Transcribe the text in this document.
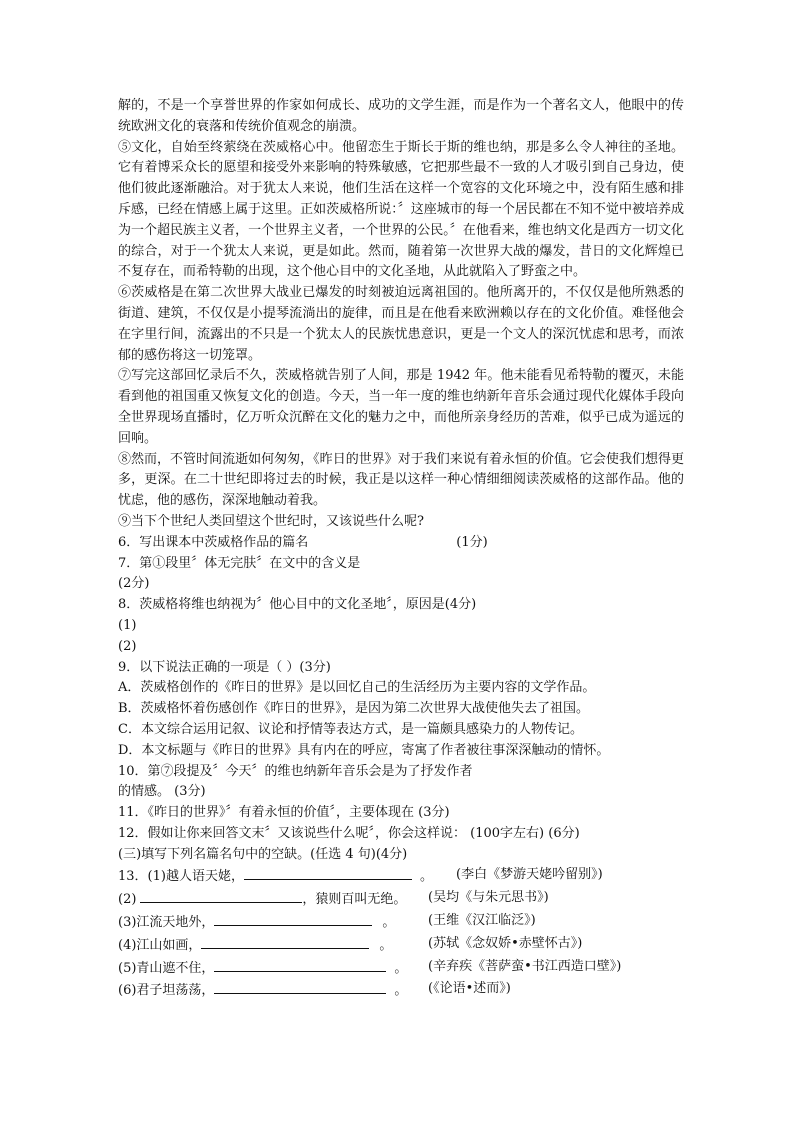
解的，不是一个享誉世界的作家如何成长、成功的文学生涯，而是作为一个著名文人，他眼中的传统欧洲文化的衰落和传统价值观念的崩溃。

⑤文化，自始至终萦绕在茨威格心中。他留恋生于斯长于斯的维也纳，那是多么令人神往的圣地。它有着博采众长的愿望和接受外来影响的特殊敏感，它把那些最不一致的人才吸引到自己身边，使他们彼此逐渐融洽。对于犹太人来说，他们生活在这样一个宽容的文化环境之中，没有陌生感和排斥感，已经在情感上属于这里。正如茨威格所说：〞这座城市的每一个居民都在不知不觉中被培养成为一个超民族主义者，一个世界主义者，一个世界的公民。〞在他看来，维也纳文化是西方一切文化的综合，对于一个犹太人来说，更是如此。然而，随着第一次世界大战的爆发，昔日的文化辉煌已不复存在，而希特勒的出现，这个他心目中的文化圣地，从此就陷入了野蛮之中。

⑥茨威格是在第二次世界大战业已爆发的时刻被迫远离祖国的。他所离开的，不仅仅是他所熟悉的街道、建筑，不仅仅是小提琴流淌出的旋律，而且是在他看来欧洲赖以存在的文化价值。难怪他会在字里行间，流露出的不只是一个犹太人的民族忧患意识，更是一个文人的深沉忧虑和思考，而浓郁的感伤将这一切笼罩。

⑦写完这部回忆录后不久，茨威格就告别了人间，那是 1942 年。他未能看见希特勒的覆灭，未能看到他的祖国重又恢复文化的创造。今天，当一年一度的维也纳新年音乐会通过现代化媒体手段向全世界现场直播时，亿万听众沉醉在文化的魅力之中，而他所亲身经历的苦难，似乎已成为遥远的回响。

⑧然而，不管时间流逝如何匆匆，《昨日的世界》对于我们来说有着永恒的价值。它会使我们想得更多，更深。在二十世纪即将过去的时候，我正是以这样一种心情细细阅读茨威格的这部作品。他的忧虑，他的感伤，深深地触动着我。

⑨当下个世纪人类回望这个世纪时，又该说些什么呢?

6．写出课本中茨威格作品的篇名	(1分)
7．第①段里〞体无完肤〞在文中的含义是
(2分)
8．茨威格将维也纳视为〞他心目中的文化圣地〞，原因是(4分)
(1)
(2)
9．以下说法正确的一项是（ ）(3分)
A．茨威格创作的《昨日的世界》是以回忆自己的生活经历为主要内容的文学作品。
B．茨威格怀着伤感创作《昨日的世界》，是因为第二次世界大战使他失去了祖国。
C．本文综合运用记叙、议论和抒情等表达方式，是一篇颇具感染力的人物传记。
D．本文标题与《昨日的世界》具有内在的呼应，寄寓了作者被往事深深触动的情怀。
10．第⑦段提及〞今天〞的维也纳新年音乐会是为了抒发作者
的情感。 (3分)
11．《昨日的世界》〞有着永恒的价值〞，主要体现在 (3分)
12．假如让你来回答文末〞又该说些什么呢〞，你会这样说： (100字左右) (6分)
(三)填写下列名篇名句中的空缺。(任选 4 句)(4分)
13．(1)越人语天姥，	。 (李白《梦游天姥吟留别》)
(2)	，猿则百叫无绝。 (吴均《与朱元思书》)
(3)江流天地外，	。	(王维《汉江临泛》)
(4)江山如画，	。	(苏轼《念奴娇•赤壁怀古》)
(5)青山遮不住，	。 (辛弃疾《菩萨蛮•书江西造口壁》)
(6)君子坦荡荡，	。 (《论语•述而》)
